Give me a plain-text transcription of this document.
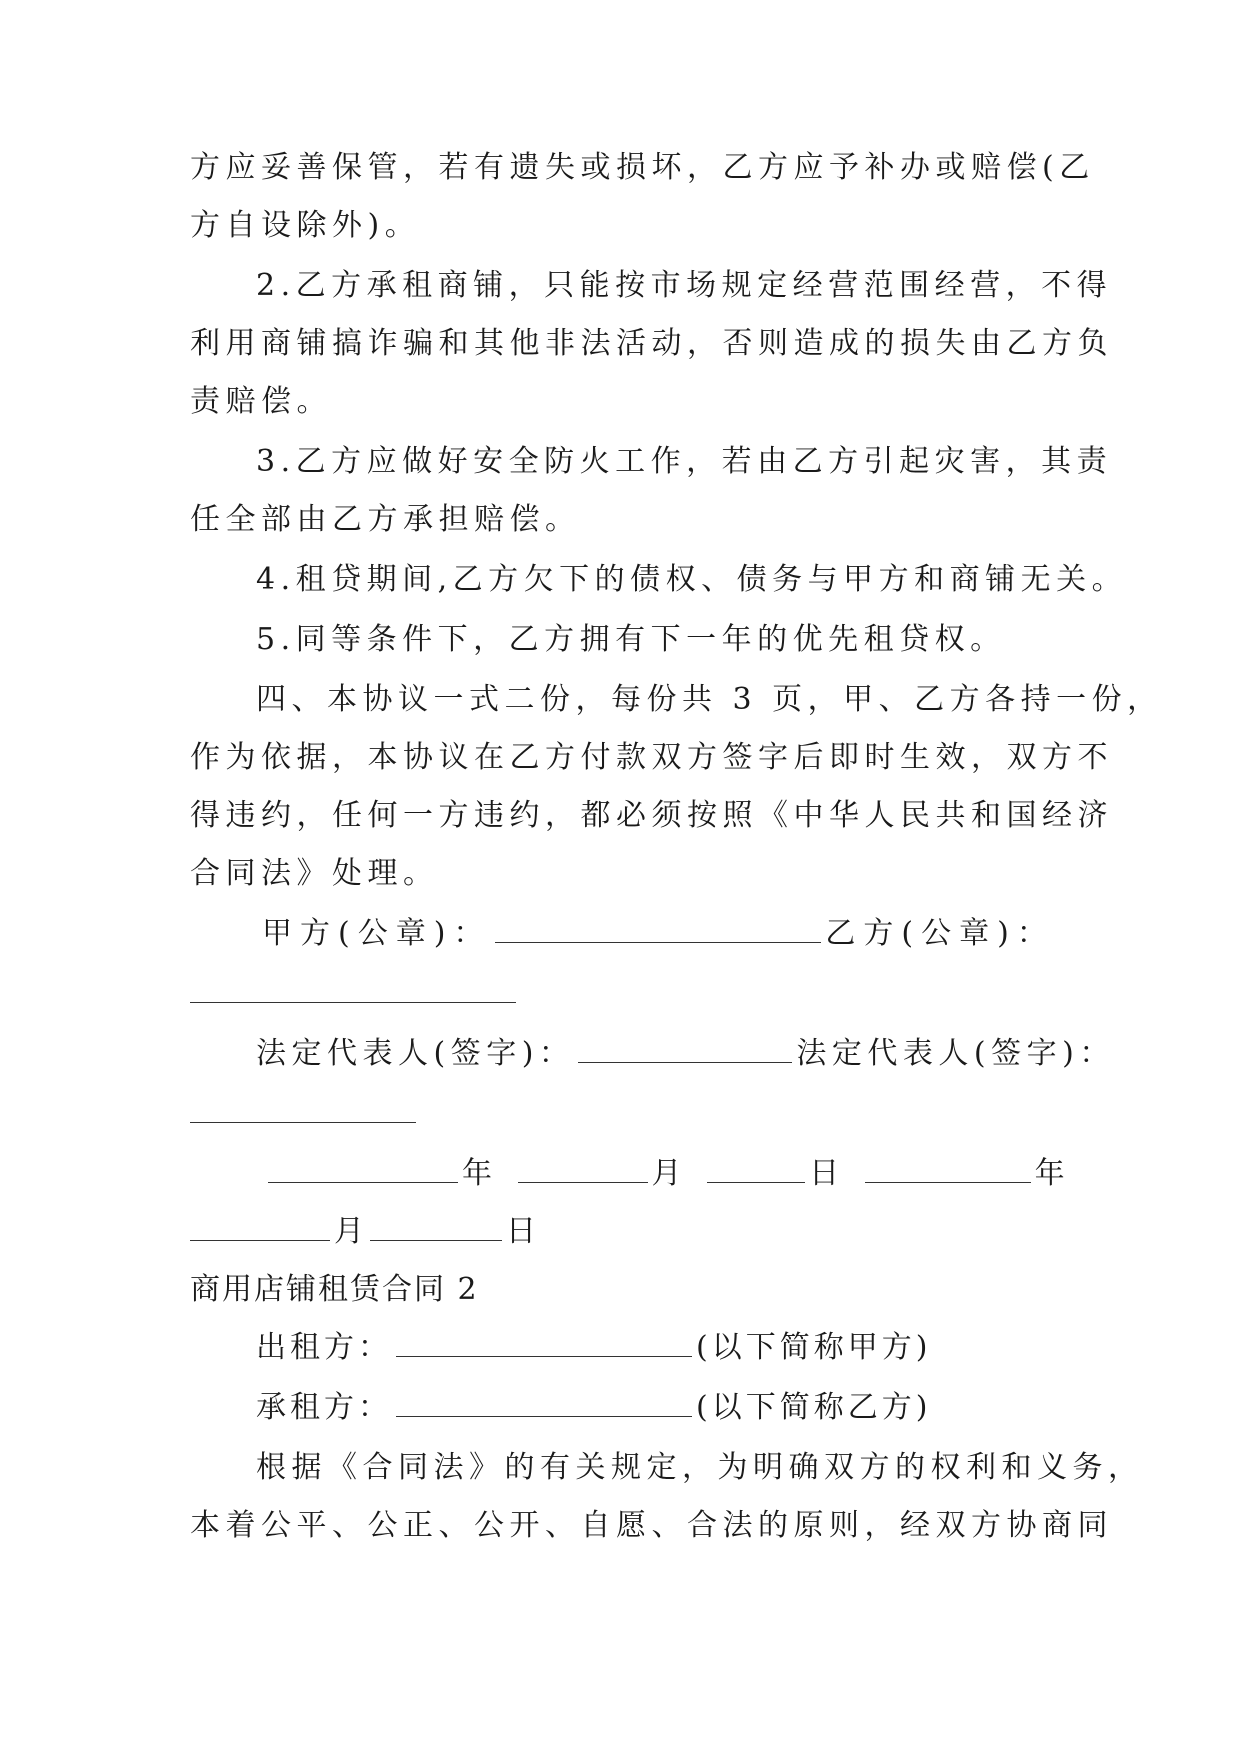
方应妥善保管，若有遗失或损坏，乙方应予补办或赔偿(乙
方自设除外)。
2.乙方承租商铺，只能按市场规定经营范围经营，不得
利用商铺搞诈骗和其他非法活动，否则造成的损失由乙方负
责赔偿。
3.乙方应做好安全防火工作，若由乙方引起灾害，其责
任全部由乙方承担赔偿。
4.租贷期间,乙方欠下的债权、债务与甲方和商铺无关。
5.同等条件下，乙方拥有下一年的优先租贷权。
四、本协议一式二份，每份共 3 页，甲、乙方各持一份，
作为依据，本协议在乙方付款双方签字后即时生效，双方不
得违约，任何一方违约，都必须按照《中华人民共和国经济
合同法》处理。
甲方(公章)：	乙方(公章)：
法定代表人(签字)：	法定代表人(签字)：
年	月	日	年
月	日
商用店铺租赁合同 2
出租方：	(以下简称甲方)
承租方：	(以下简称乙方)
根据《合同法》的有关规定，为明确双方的权利和义务，
本着公平、公正、公开、自愿、合法的原则，经双方协商同
